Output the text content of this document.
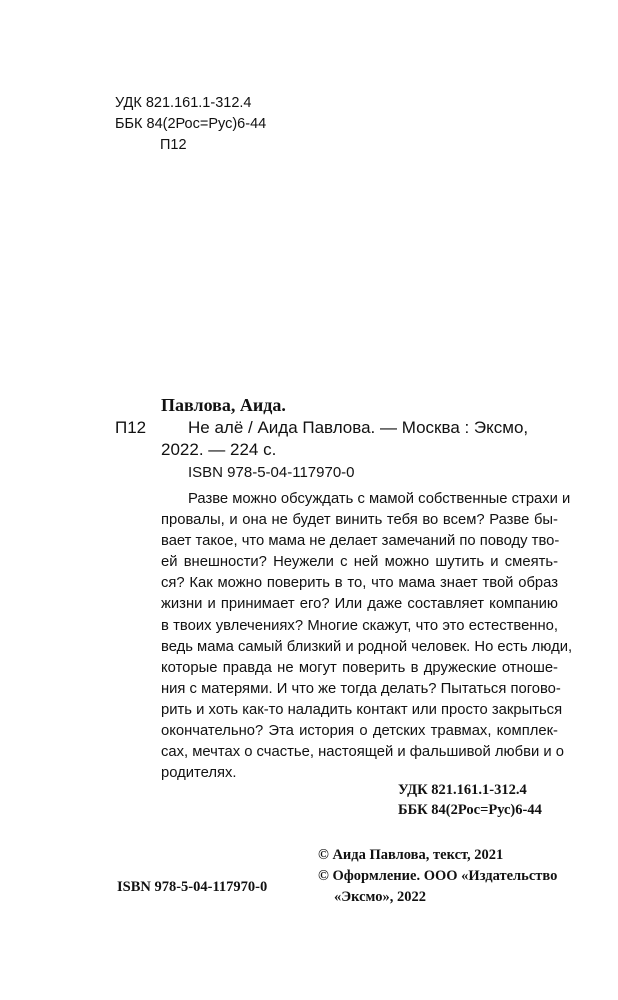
УДК 821.161.1-312.4
ББК 84(2Рос=Рус)6-44
П12
Павлова, Аида.
П12 Не алё / Аида Павлова. — Москва : Эксмо,
2022. — 224 с.
ISBN 978-5-04-117970-0
Разве можно обсуждать с мамой собственные страхи и
провалы, и она не будет винить тебя во всем? Разве бы-
вает такое, что мама не делает замечаний по поводу тво-
ей внешности? Неужели с ней можно шутить и смеять-
ся? Как можно поверить в то, что мама знает твой образ
жизни и принимает его? Или даже составляет компанию
в твоих увлечениях? Многие скажут, что это естественно,
ведь мама самый близкий и родной человек. Но есть люди,
которые правда не могут поверить в дружеские отноше-
ния с матерями. И что же тогда делать? Пытаться погово-
рить и хоть как-то наладить контакт или просто закрыться
окончательно? Эта история о детских травмах, комплек-
сах, мечтах о счастье, настоящей и фальшивой любви и о
родителях.
УДК 821.161.1-312.4
ББК 84(2Рос=Рус)6-44
© Аида Павлова, текст, 2021
© Оформление. ООО «Издательство
«Эксмо», 2022
ISBN 978-5-04-117970-0
